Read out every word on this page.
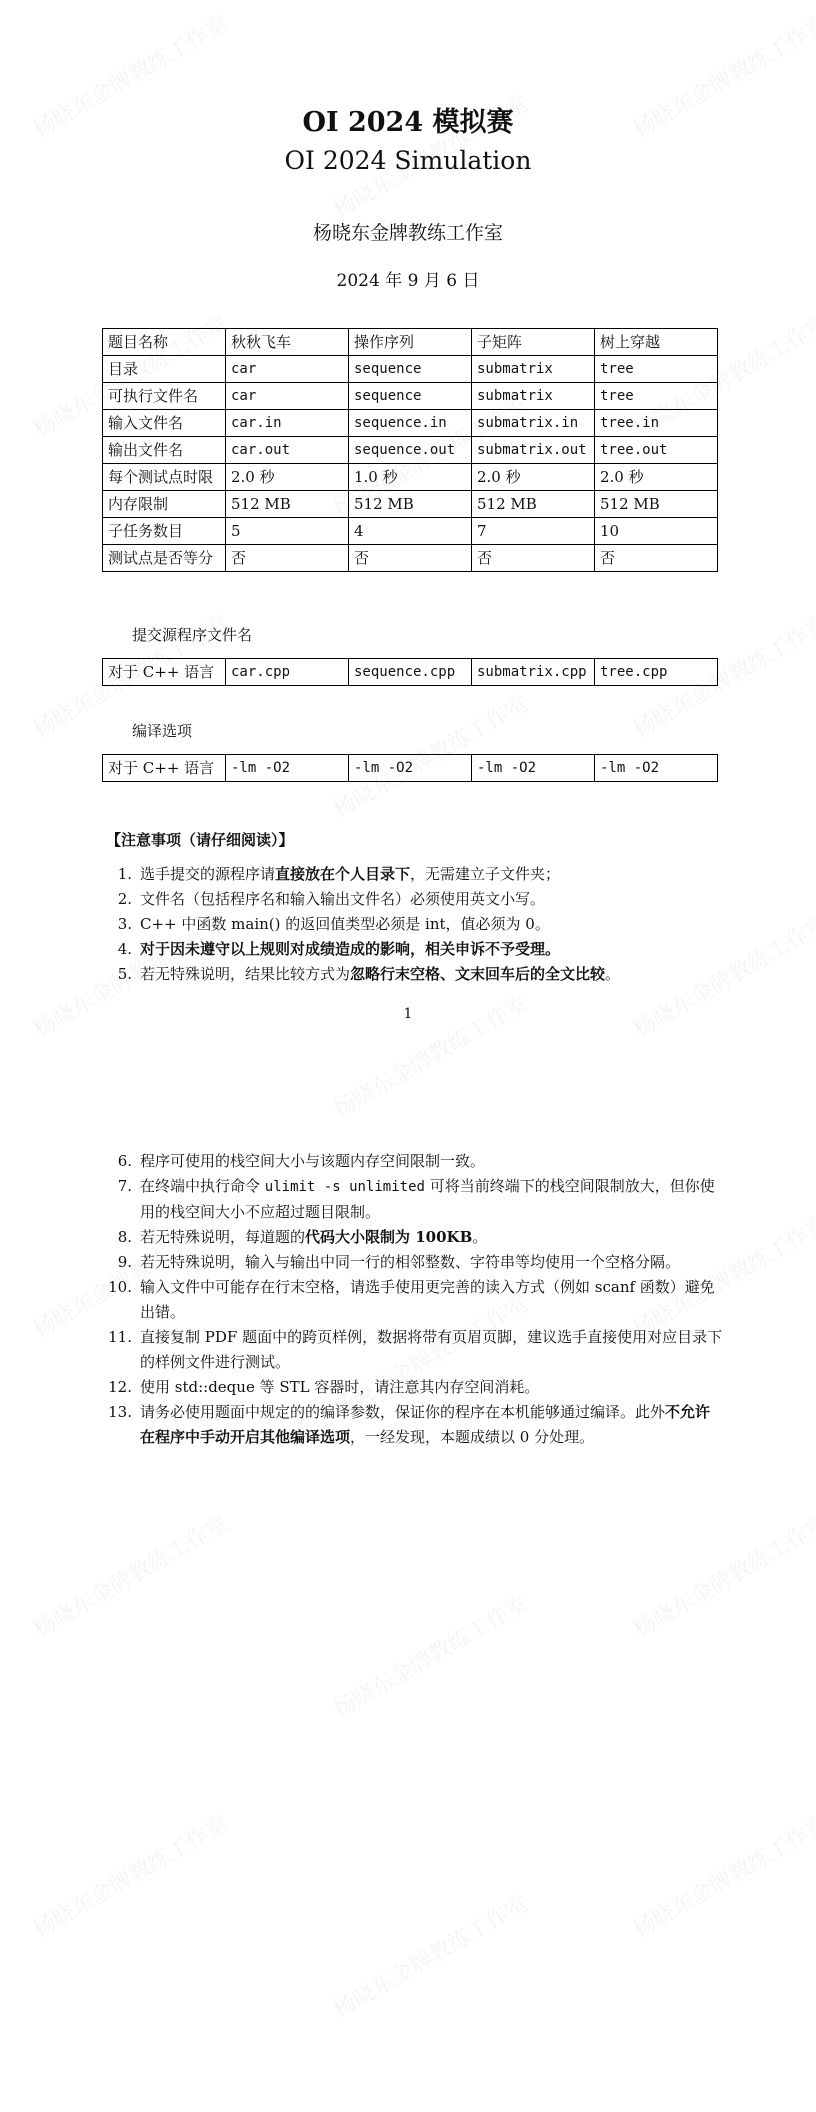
OI 2024 模拟赛
OI 2024 Simulation
杨晓东金牌教练工作室
2024 年 9 月 6 日
题目名称	秋秋飞车	操作序列	子矩阵	树上穿越
目录	car	sequence	submatrix	tree
可执行文件名	car	sequence	submatrix	tree
输入文件名	car.in	sequence.in	submatrix.in	tree.in
输出文件名	car.out	sequence.out	submatrix.out	tree.out
每个测试点时限	2.0 秒	1.0 秒	2.0 秒	2.0 秒
内存限制	512 MB	512 MB	512 MB	512 MB
子任务数目	5	4	7	10
测试点是否等分	否	否	否	否
提交源程序文件名
对于 C++ 语言	car.cpp	sequence.cpp	submatrix.cpp	tree.cpp
编译选项
对于 C++ 语言	-lm -O2	-lm -O2	-lm -O2	-lm -O2
【注意事项（请仔细阅读）】
1. 选手提交的源程序请直接放在个人目录下，无需建立子文件夹；
2. 文件名（包括程序名和输入输出文件名）必须使用英文小写。
3. C++ 中函数 main() 的返回值类型必须是 int，值必须为 0。
4. 对于因未遵守以上规则对成绩造成的影响，相关申诉不予受理。
5. 若无特殊说明，结果比较方式为忽略行末空格、文末回车后的全文比较。
1
6. 程序可使用的栈空间大小与该题内存空间限制一致。
7. 在终端中执行命令 ulimit -s unlimited 可将当前终端下的栈空间限制放大，但你使用的栈空间大小不应超过题目限制。
8. 若无特殊说明，每道题的代码大小限制为 100KB。
9. 若无特殊说明，输入与输出中同一行的相邻整数、字符串等均使用一个空格分隔。
10. 输入文件中可能存在行末空格，请选手使用更完善的读入方式（例如 scanf 函数）避免出错。
11. 直接复制 PDF 题面中的跨页样例，数据将带有页眉页脚，建议选手直接使用对应目录下的样例文件进行测试。
12. 使用 std::deque 等 STL 容器时，请注意其内存空间消耗。
13. 请务必使用题面中规定的的编译参数，保证你的程序在本机能够通过编译。此外不允许在程序中手动开启其他编译选项，一经发现，本题成绩以 0 分处理。
